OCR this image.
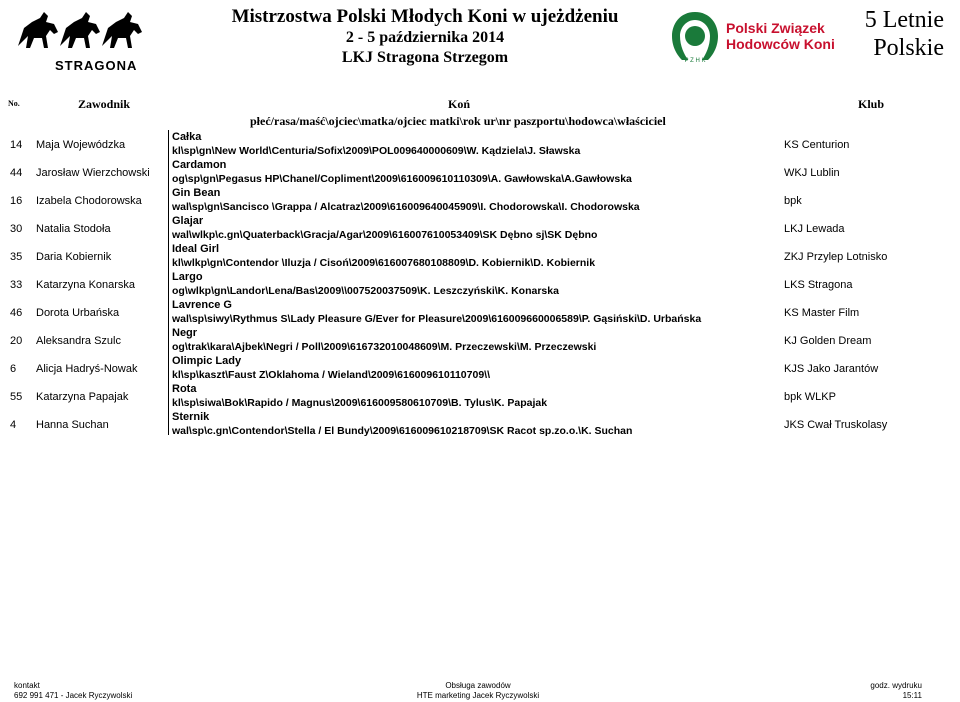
STRAGONA
Mistrzostwa Polski Młodych Koni w ujeżdżeniu
2 - 5 października 2014
LKJ Stragona Strzegom	P Z H K
Polski Związek
Hodowców Koni
5 Letnie
Polskie
No.	Zawodnik	Koń	Klub
płeć/rasa/maść\ojciec\matka/ojciec matki\rok ur\nr paszportu\hodowca\właściciel
14	Maja Wojewódzka
Całka
kl\sp\gn\New World\Centuria/Sofix\2009\POL009640000609\W. Kądziela\J. Sławska	KS Centurion
44	Jarosław Wierzchowski
Cardamon
og\sp\gn\Pegasus HP\Chanel/Copliment\2009\616009610110309\A. Gawłowska\A.Gawłowska	WKJ Lublin
16	Izabela Chodorowska
Gin Bean
wal\sp\gn\Sancisco \Grappa / Alcatraz\2009\616009640045909\I. Chodorowska\I. Chodorowska	bpk
30	Natalia Stodoła
Glajar
wal\wlkp\c.gn\Quaterback\Gracja/Agar\2009\616007610053409\SK Dębno sj\SK Dębno	LKJ Lewada
35	Daria Kobiernik
Ideal Girl
kl\wlkp\gn\Contendor \Iluzja / Cisoń\2009\616007680108809\D. Kobiernik\D. Kobiernik	ZKJ Przylep Lotnisko
33	Katarzyna Konarska
Largo
og\wlkp\gn\Landor\Lena/Bas\2009\\007520037509\K. Leszczyński\K. Konarska	LKS Stragona
46	Dorota Urbańska
Lavrence G
wal\sp\siwy\Rythmus S\Lady Pleasure G/Ever for Pleasure\2009\616009660006589\P. Gąsiński\D. Urbańska	KS Master Film
20	Aleksandra Szulc
Negr
og\trak\kara\Ajbek\Negri / Poll\2009\616732010048609\M. Przeczewski\M. Przeczewski	KJ Golden Dream
6	Alicja Hadryś-Nowak
Olimpic Lady
kl\sp\kaszt\Faust Z\Oklahoma / Wieland\2009\616009610110709\\	KJS Jako Jarantów
55	Katarzyna Papajak
Rota
kl\sp\siwa\Bok\Rapido / Magnus\2009\616009580610709\B. Tylus\K. Papajak	bpk WLKP
4	Hanna Suchan
Sternik
wal\sp\c.gn\Contendor\Stella / El Bundy\2009\616009610218709\SK Racot sp.zo.o.\K. Suchan	JKS Cwał Truskolasy
kontakt
692 991 471 - Jacek Ryczywolski
Obsługa zawodów
HTE marketing Jacek Ryczywolski
godz. wydruku
15:11
